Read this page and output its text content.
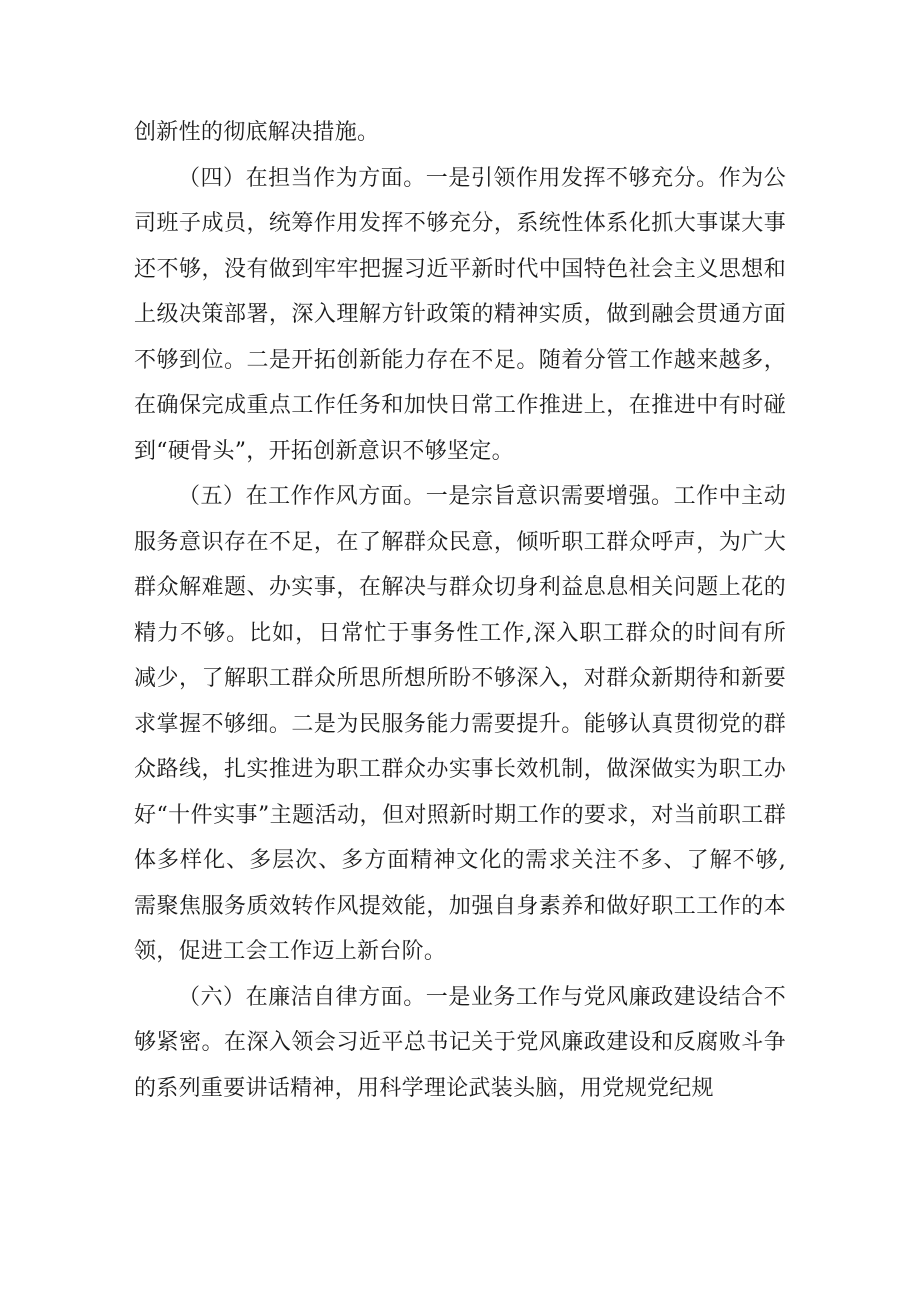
创新性的彻底解决措施。

（四）在担当作为方面。一是引领作用发挥不够充分。作为公司班子成员，统筹作用发挥不够充分，系统性体系化抓大事谋大事还不够，没有做到牢牢把握习近平新时代中国特色社会主义思想和上级决策部署，深入理解方针政策的精神实质，做到融会贯通方面不够到位。二是开拓创新能力存在不足。随着分管工作越来越多，在确保完成重点工作任务和加快日常工作推进上，在推进中有时碰到“硬骨头”，开拓创新意识不够坚定。

（五）在工作作风方面。一是宗旨意识需要增强。工作中主动服务意识存在不足，在了解群众民意，倾听职工群众呼声，为广大群众解难题、办实事，在解决与群众切身利益息息相关问题上花的精力不够。比如，日常忙于事务性工作,深入职工群众的时间有所减少，了解职工群众所思所想所盼不够深入，对群众新期待和新要求掌握不够细。二是为民服务能力需要提升。能够认真贯彻党的群众路线，扎实推进为职工群众办实事长效机制，做深做实为职工办好“十件实事”主题活动，但对照新时期工作的要求，对当前职工群体多样化、多层次、多方面精神文化的需求关注不多、了解不够,需聚焦服务质效转作风提效能，加强自身素养和做好职工工作的本领，促进工会工作迈上新台阶。

（六）在廉洁自律方面。一是业务工作与党风廉政建设结合不够紧密。在深入领会习近平总书记关于党风廉政建设和反腐败斗争的系列重要讲话精神，用科学理论武装头脑，用党规党纪规
